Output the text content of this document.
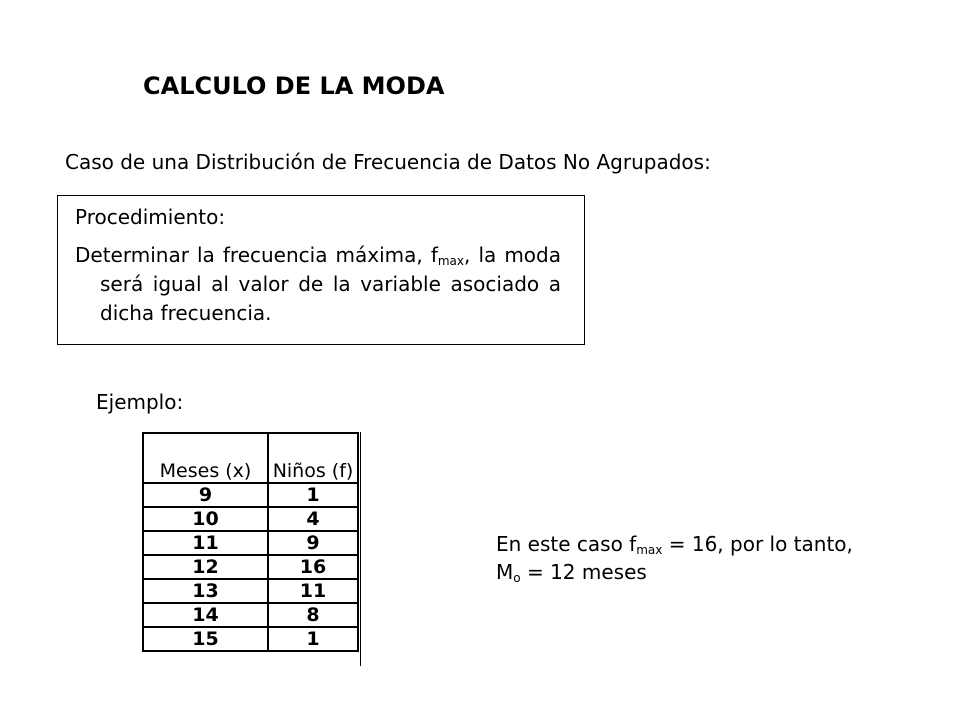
CALCULO DE LA MODA
Caso de una Distribución de Frecuencia de Datos No Agrupados:
Procedimiento:
Determinar la frecuencia máxima, $f_{max}$, la moda será igual al valor de la variable asociado a dicha frecuencia.
Ejemplo:
Meses (x)	Niños (f)
9	1
10	4
11	9
12	16
13	11
14	8
15	1
En este caso $f_{max} = 16$, por lo tanto,
$M_o = 12$ meses
